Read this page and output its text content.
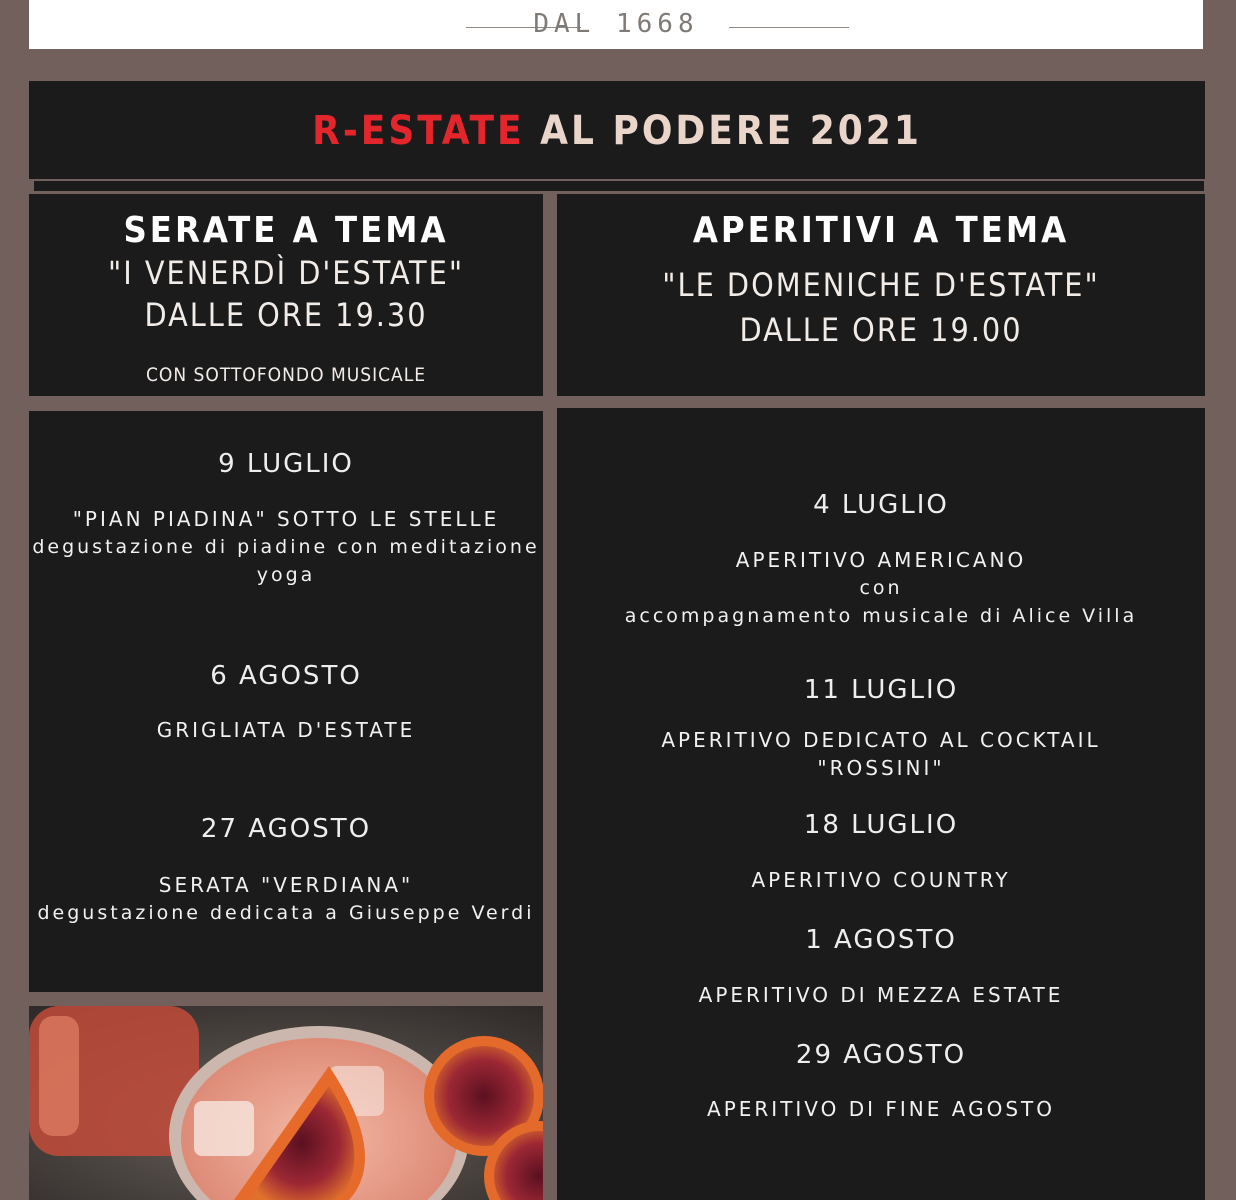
DAL 1668
R-ESTATE AL PODERE 2021
SERATE A TEMA
"I VENERDÌ D'ESTATE"
DALLE ORE 19.30
CON SOTTOFONDO MUSICALE
APERITIVI A TEMA
"LE DOMENICHE D'ESTATE"
DALLE ORE 19.00
9 LUGLIO
"PIAN PIADINA" SOTTO LE STELLE
degustazione di piadine con meditazione
yoga
6 AGOSTO
GRIGLIATA D'ESTATE
27 AGOSTO
SERATA "VERDIANA"
degustazione dedicata a Giuseppe Verdi
4 LUGLIO
APERITIVO AMERICANO
con
accompagnamento musicale di Alice Villa
11 LUGLIO
APERITIVO DEDICATO AL COCKTAIL
"ROSSINI"
18 LUGLIO
APERITIVO COUNTRY
1 AGOSTO
APERITIVO DI MEZZA ESTATE
29 AGOSTO
APERITIVO DI FINE AGOSTO
